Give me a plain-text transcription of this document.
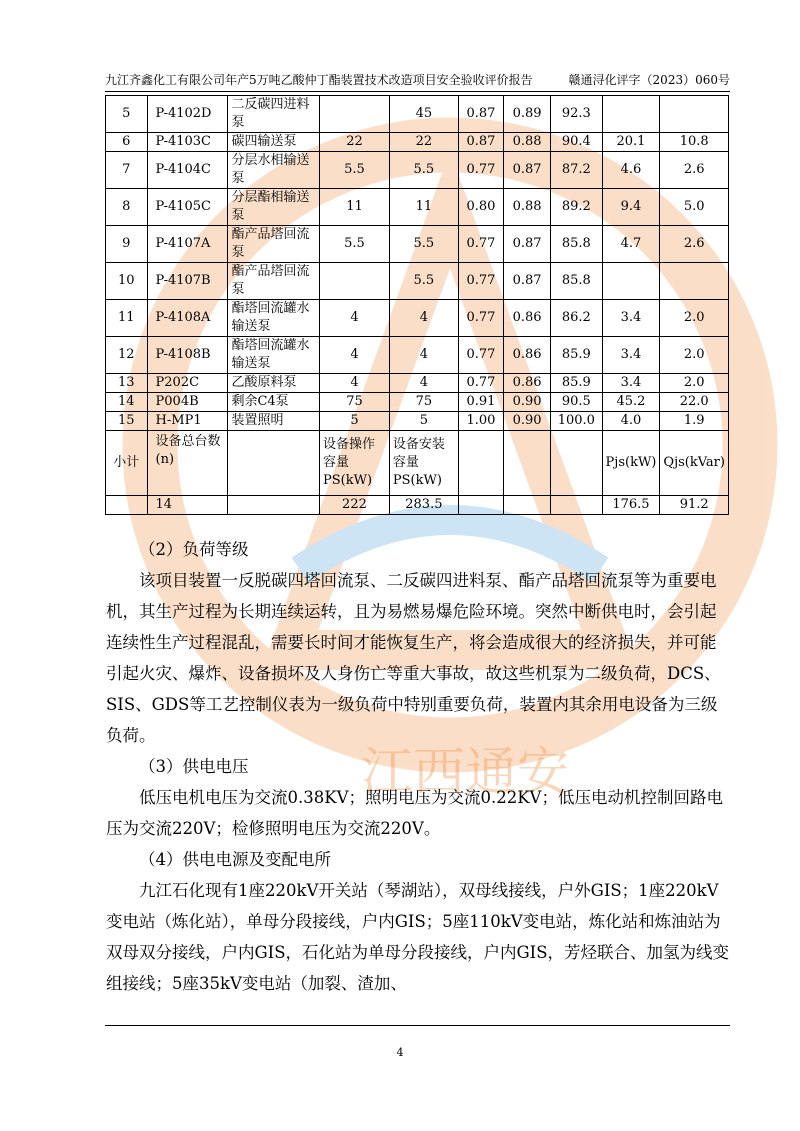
江西通安
九江齐鑫化工有限公司年产5万吨乙酸仲丁酯装置技术改造项目安全验收评价报告	赣通浔化评字（2023）060号
5	P-4102D	二反碳四进料泵		45	0.87	0.89	92.3		
6	P-4103C	碳四输送泵	22	22	0.87	0.88	90.4	20.1	10.8
7	P-4104C	分层水相输送泵	5.5	5.5	0.77	0.87	87.2	4.6	2.6
8	P-4105C	分层酯相输送泵	11	11	0.80	0.88	89.2	9.4	5.0
9	P-4107A	酯产品塔回流泵	5.5	5.5	0.77	0.87	85.8	4.7	2.6
10	P-4107B	酯产品塔回流泵		5.5	0.77	0.87	85.8		
11	P-4108A	酯塔回流罐水输送泵	4	4	0.77	0.86	86.2	3.4	2.0
12	P-4108B	酯塔回流罐水输送泵	4	4	0.77	0.86	85.9	3.4	2.0
13	P202C	乙酸原料泵	4	4	0.77	0.86	85.9	3.4	2.0
14	P004B	剩余C4泵	75	75	0.91	0.90	90.5	45.2	22.0
15	H-MP1	装置照明	5	5	1.00	0.90	100.0	4.0	1.9
小计	设备总台数(n)		设备操作容量PS(kW)	设备安装容量PS(kW)				Pjs(kW)	Qjs(kVar)
	14		222	283.5				176.5	91.2

（2）负荷等级

该项目装置一反脱碳四塔回流泵、二反碳四进料泵、酯产品塔回流泵等为重要电机，其生产过程为长期连续运转，且为易燃易爆危险环境。突然中断供电时，会引起连续性生产过程混乱，需要长时间才能恢复生产，将会造成很大的经济损失，并可能引起火灾、爆炸、设备损坏及人身伤亡等重大事故，故这些机泵为二级负荷，DCS、SIS、GDS等工艺控制仪表为一级负荷中特别重要负荷，装置内其余用电设备为三级负荷。

（3）供电电压

低压电机电压为交流0.38KV；照明电压为交流0.22KV；低压电动机控制回路电压为交流220V；检修照明电压为交流220V。

（4）供电电源及变配电所

九江石化现有1座220kV开关站（琴湖站），双母线接线，户外GIS；1座220kV变电站（炼化站），单母分段接线，户内GIS；5座110kV变电站，炼化站和炼油站为双母双分接线，户内GIS，石化站为单母分段接线，户内GIS，芳烃联合、加氢为线变组接线；5座35kV变电站（加裂、渣加、

4
